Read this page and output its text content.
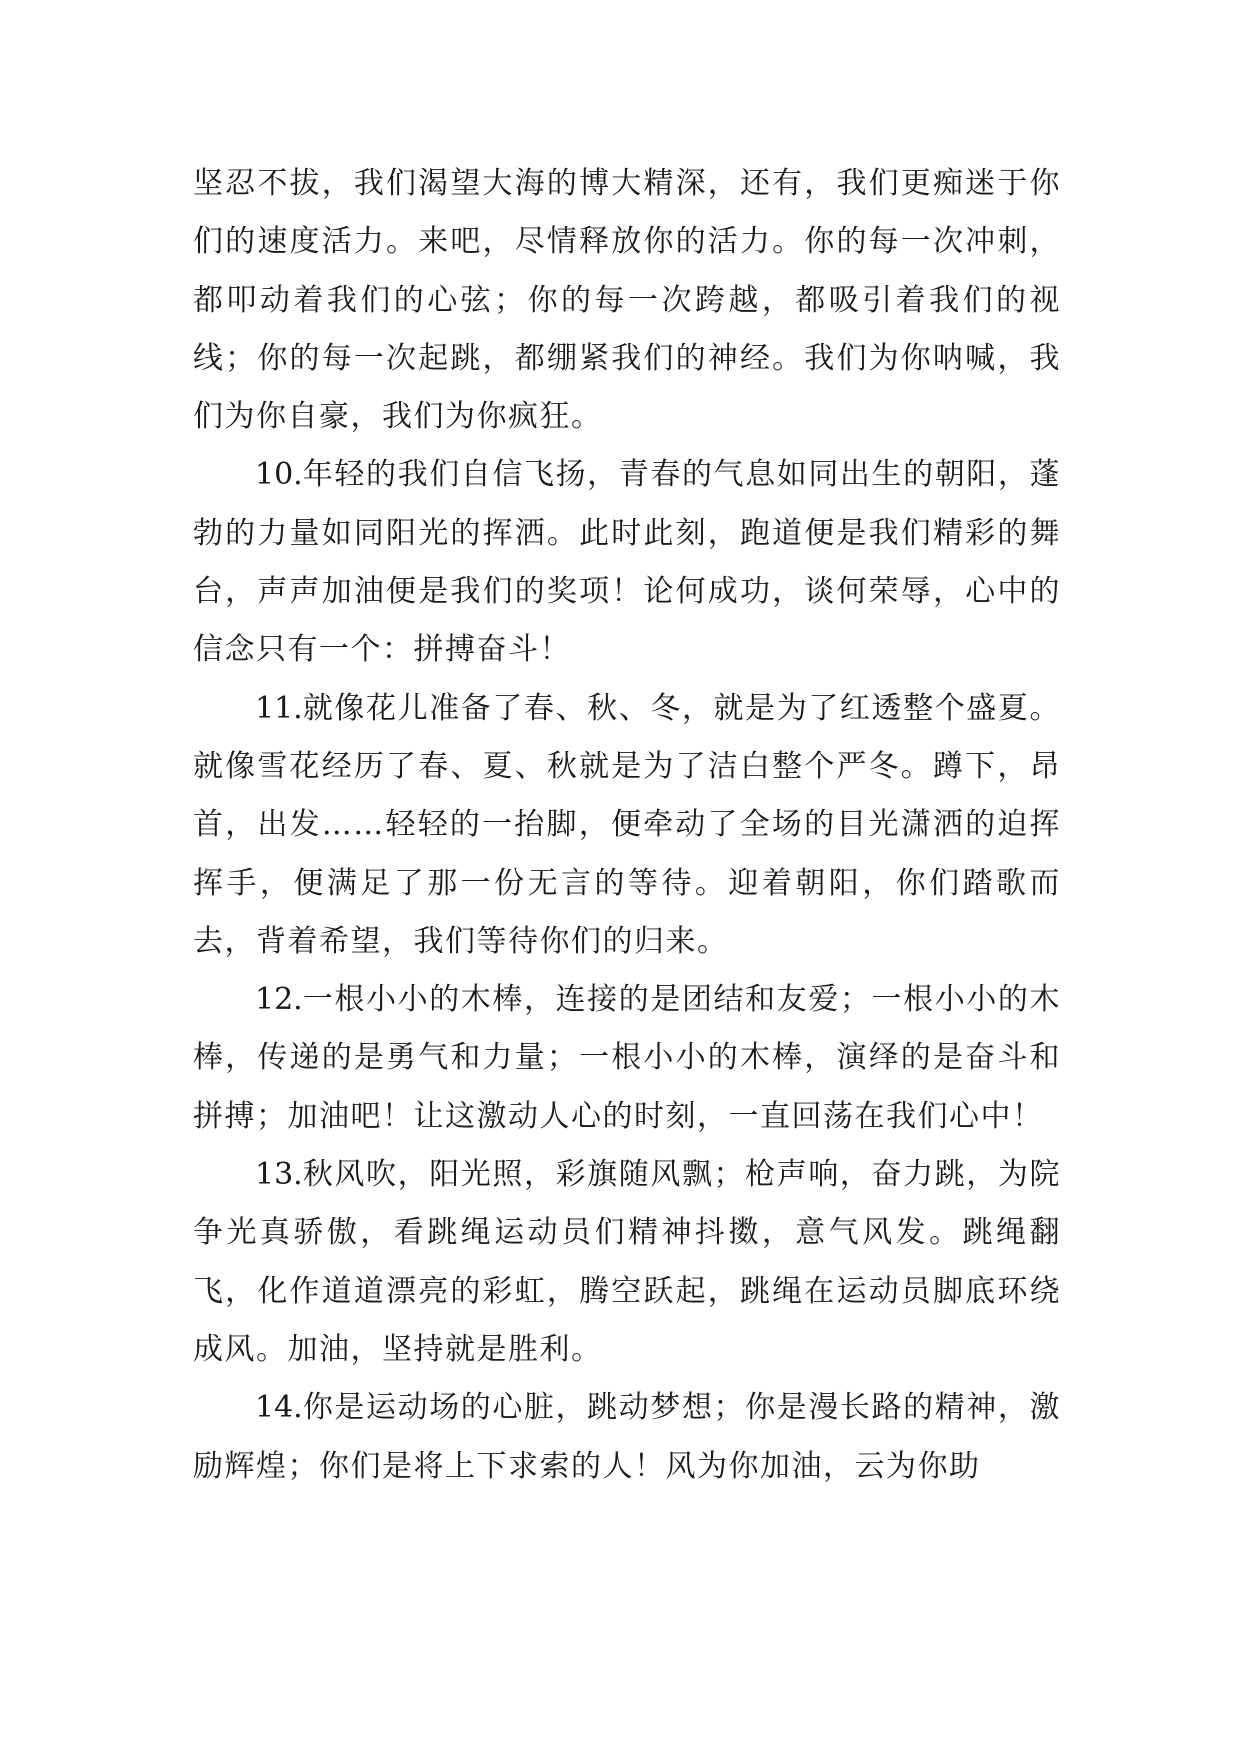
坚忍不拔，我们渴望大海的博大精深，还有，我们更痴迷于你们的速度活力。来吧，尽情释放你的活力。你的每一次冲刺，都叩动着我们的心弦；你的每一次跨越，都吸引着我们的视线；你的每一次起跳，都绷紧我们的神经。我们为你呐喊，我们为你自豪，我们为你疯狂。

10.年轻的我们自信飞扬，青春的气息如同出生的朝阳，蓬勃的力量如同阳光的挥洒。此时此刻，跑道便是我们精彩的舞台，声声加油便是我们的奖项！论何成功，谈何荣辱，心中的信念只有一个：拼搏奋斗！

11.就像花儿准备了春、秋、冬，就是为了红透整个盛夏。就像雪花经历了春、夏、秋就是为了洁白整个严冬。蹲下，昂首，出发……轻轻的一抬脚，便牵动了全场的目光潇洒的迫挥挥手，便满足了那一份无言的等待。迎着朝阳，你们踏歌而去，背着希望，我们等待你们的归来。

12.一根小小的木棒，连接的是团结和友爱；一根小小的木棒，传递的是勇气和力量；一根小小的木棒，演绎的是奋斗和拼搏；加油吧！让这激动人心的时刻，一直回荡在我们心中！

13.秋风吹，阳光照，彩旗随风飘；枪声响，奋力跳，为院争光真骄傲，看跳绳运动员们精神抖擞，意气风发。跳绳翻飞，化作道道漂亮的彩虹，腾空跃起，跳绳在运动员脚底环绕成风。加油，坚持就是胜利。

14.你是运动场的心脏，跳动梦想；你是漫长路的精神，激励辉煌；你们是将上下求索的人！风为你加油，云为你助
